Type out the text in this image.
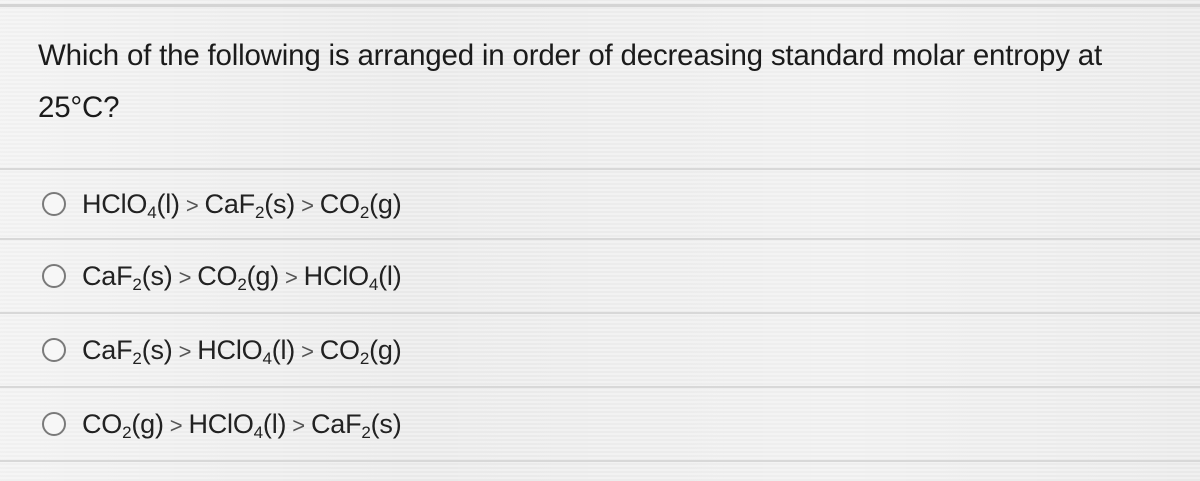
Which of the following is arranged in order of decreasing standard molar entropy at 25°C?
HClO$_4$(l) > $CaF_2(s) > CO_2(g)$
$CaF_2(s) > CO_2(g)$ > HClO$_4$(l)
CaF$_2$(s) > HClO$_4$(l) > $CO_2(g)$
$CO_2(g)$ > HClO$_4$(l) > CaF$_2$(s)
